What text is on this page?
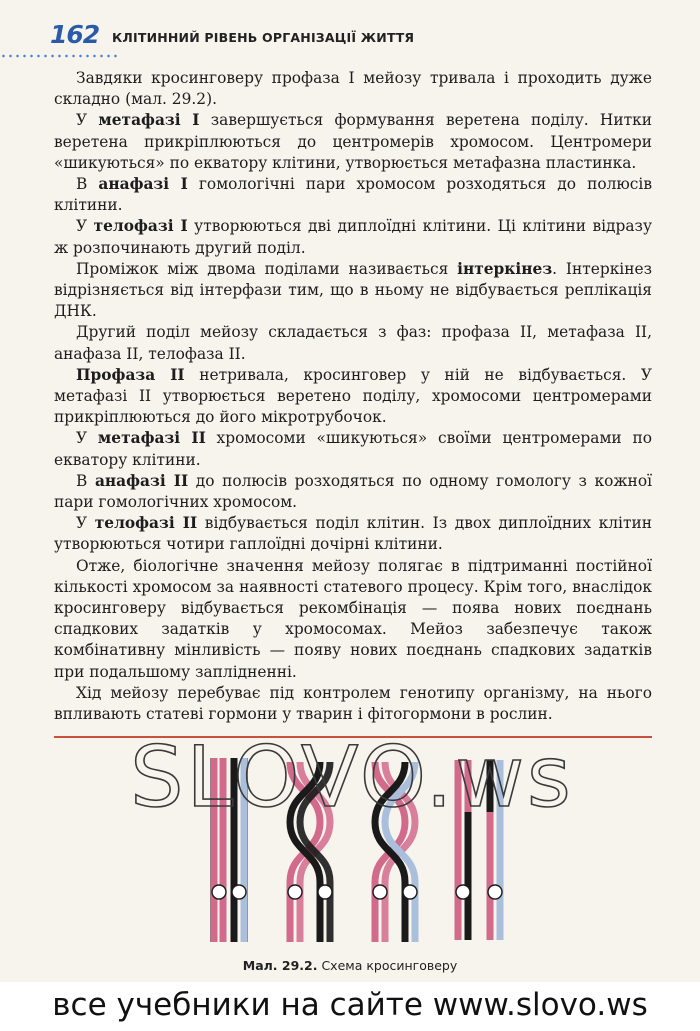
162 КЛІТИННИЙ РІВЕНЬ ОРГАНІЗАЦІЇ ЖИТТЯ

Завдяки кросинговеру профаза І мейозу тривала і проходить дуже складно (мал. 29.2).

У метафазі І завершується формування веретена поділу. Нитки веретена прикріплюються до центромерів хромосом. Центромери «шикуються» по екватору клітини, утворюється метафазна пластинка.

В анафазі І гомологічні пари хромосом розходяться до полюсів клітини.

У телофазі І утворюються дві диплоїдні клітини. Ці клітини відразу ж розпочинають другий поділ.

Проміжок між двома поділами називається інтеркінез. Інтеркінез відрізняється від інтерфази тим, що в ньому не відбувається реплікація ДНК.

Другий поділ мейозу складається з фаз: профаза II, метафаза II, анафаза II, телофаза II.

Профаза II нетривала, кросинговер у ній не відбувається. У метафазі II утворюється веретено поділу, хромосоми центромерами прикріплюються до його мікротрубочок.

У метафазі II хромосоми «шикуються» своїми центромерами по екватору клітини.

В анафазі II до полюсів розходяться по одному гомологу з кожної пари гомологічних хромосом.

У телофазі II відбувається поділ клітин. Із двох диплоїдних клітин утворюються чотири гаплоїдні дочірні клітини.

Отже, біологічне значення мейозу полягає в підтриманні постійної кількості хромосом за наявності статевого процесу. Крім того, внаслідок кросинговеру відбувається рекомбінація — поява нових поєднань спадкових задатків у хромосомах. Мейоз забезпечує також комбінативну мінливість — появу нових поєднань спадкових задатків при подальшому заплідненні.

Хід мейозу перебуває під контролем генотипу організму, на нього впливають статеві гормони у тварин і фітогормони в рослин.

SLOVO.ws
Мал. 29.2. Схема кросинговеру
все учебники на сайте www.slovo.ws
